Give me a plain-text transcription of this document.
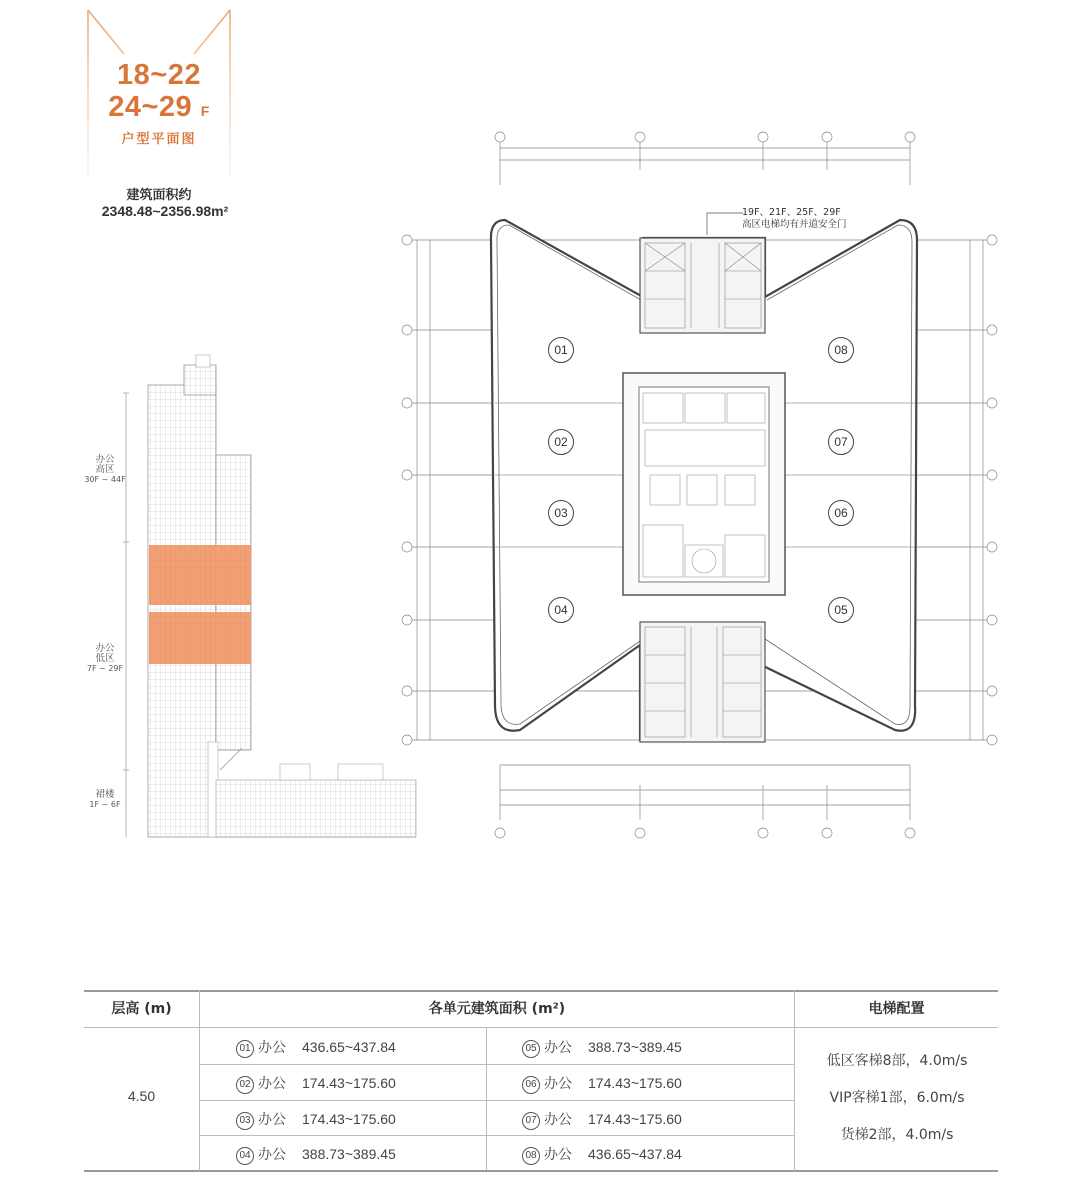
18~22
24~29 F
户型平面图
建筑面积约
2348.48~2356.98m²
办公
高区
30F ~ 44F
办公
低区
7F ~ 29F
裙楼
1F ~ 6F
19F、21F、25F、29F
高区电梯均有并道安全门
01
02
03
04	05
06
07
08
层高 (m)	各单元建筑面积 (m²)	电梯配置
4.50
01 办公 436.65~437.84	05 办公 388.73~389.45
02 办公 174.43~175.60	06 办公 174.43~175.60
03 办公 174.43~175.60	07 办公 174.43~175.60
04 办公 388.73~389.45	08 办公 436.65~437.84
低区客梯8部，4.0m/s
VIP客梯1部，6.0m/s
货梯2部，4.0m/s
